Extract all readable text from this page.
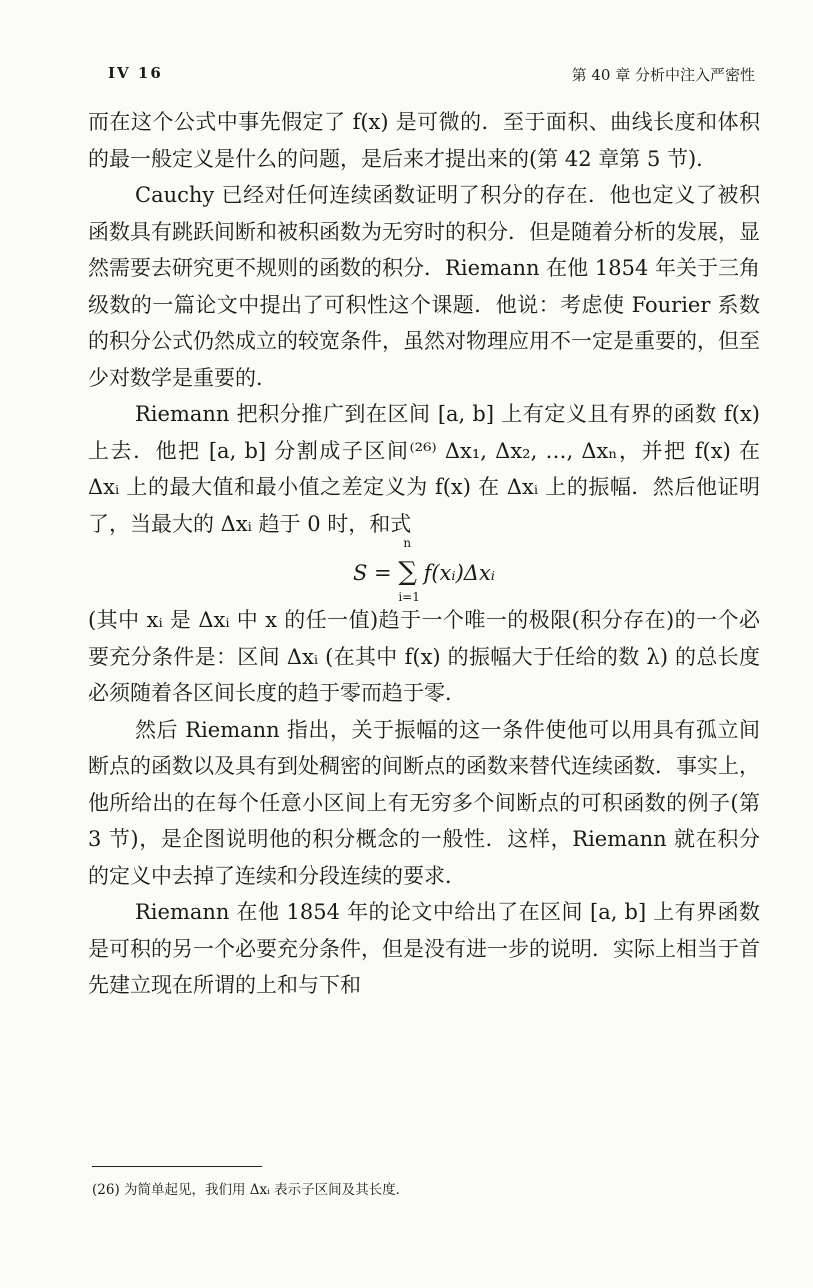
IV 16	第 40 章 分析中注入严密性

而在这个公式中事先假定了 f(x) 是可微的．至于面积、曲线长度和体积的最一般定义是什么的问题，是后来才提出来的(第 42 章第 5 节)．

Cauchy 已经对任何连续函数证明了积分的存在．他也定义了被积函数具有跳跃间断和被积函数为无穷时的积分．但是随着分析的发展，显然需要去研究更不规则的函数的积分．Riemann 在他 1854 年关于三角级数的一篇论文中提出了可积性这个课题．他说：考虑使 Fourier 系数的积分公式仍然成立的较宽条件，虽然对物理应用不一定是重要的，但至少对数学是重要的．

Riemann 把积分推广到在区间 [a, b] 上有定义且有界的函数 f(x) 上去．他把 [a, b] 分割成子区间⁽²⁶⁾ Δx₁, Δx₂, …, Δxₙ，并把 f(x) 在 Δxᵢ 上的最大值和最小值之差定义为 f(x) 在 Δxᵢ 上的振幅．然后他证明了，当最大的 Δxᵢ 趋于 0 时，和式

S = ∑
n
i=1
f(xᵢ)Δxᵢ

(其中 xᵢ 是 Δxᵢ 中 x 的任一值)趋于一个唯一的极限(积分存在)的一个必要充分条件是：区间 Δxᵢ (在其中 f(x) 的振幅大于任给的数 λ) 的总长度必须随着各区间长度的趋于零而趋于零．

然后 Riemann 指出，关于振幅的这一条件使他可以用具有孤立间断点的函数以及具有到处稠密的间断点的函数来替代连续函数．事实上，他所给出的在每个任意小区间上有无穷多个间断点的可积函数的例子(第 3 节)，是企图说明他的积分概念的一般性．这样，Riemann 就在积分的定义中去掉了连续和分段连续的要求．

Riemann 在他 1854 年的论文中给出了在区间 [a, b] 上有界函数是可积的另一个必要充分条件，但是没有进一步的说明．实际上相当于首先建立现在所谓的上和与下和

(26) 为简单起见，我们用 Δxᵢ 表示子区间及其长度．
